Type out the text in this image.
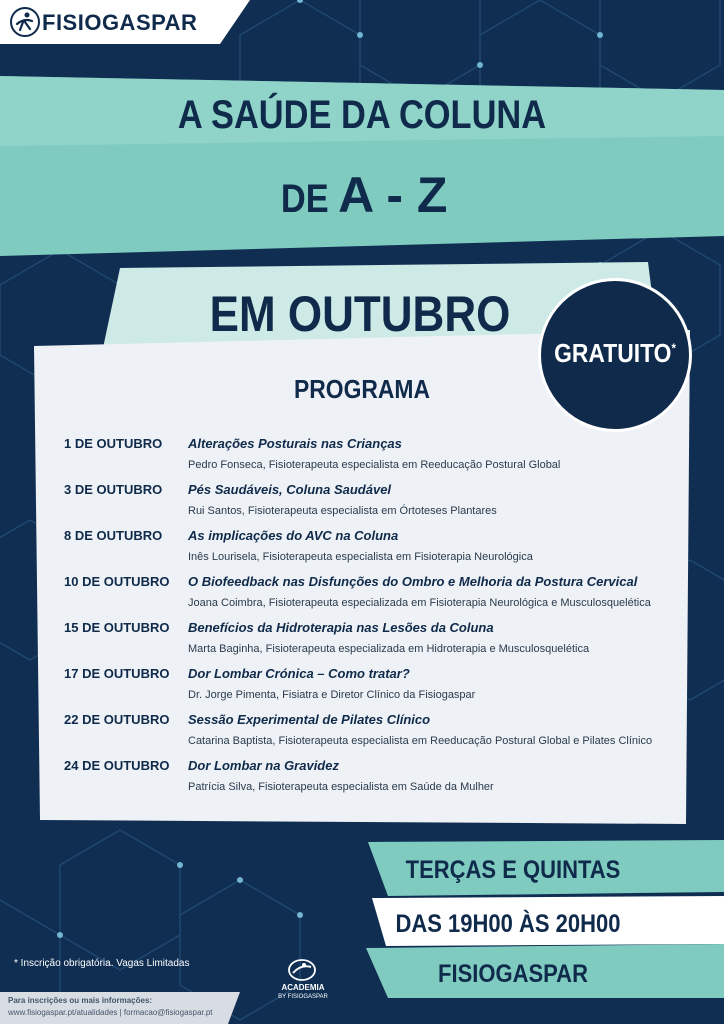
FISIOGASPAR
A SAÚDE DA COLUNA
DE A - Z
EM OUTUBRO
GRATUITO*
PROGRAMA
1 DE OUTUBRO Alterações Posturais nas Crianças
Pedro Fonseca, Fisioterapeuta especialista em Reeducação Postural Global
3 DE OUTUBRO Pés Saudáveis, Coluna Saudável
Rui Santos, Fisioterapeuta especialista em Órtoteses Plantares
8 DE OUTUBRO As implicações do AVC na Coluna
Inês Lourisela, Fisioterapeuta especialista em Fisioterapia Neurológica
10 DE OUTUBRO O Biofeedback nas Disfunções do Ombro e Melhoria da Postura Cervical
Joana Coimbra, Fisioterapeuta especializada em Fisioterapia Neurológica e Musculosquelética
15 DE OUTUBRO Benefícios da Hidroterapia nas Lesões da Coluna
Marta Baginha, Fisioterapeuta especializada em Hidroterapia e Musculosquelética
17 DE OUTUBRO Dor Lombar Crónica – Como tratar?
Dr. Jorge Pimenta, Fisiatra e Diretor Clínico da Fisiogaspar
22 DE OUTUBRO Sessão Experimental de Pilates Clínico
Catarina Baptista, Fisioterapeuta especialista em Reeducação Postural Global e Pilates Clínico
24 DE OUTUBRO Dor Lombar na Gravidez
Patrícia Silva, Fisioterapeuta especialista em Saúde da Mulher
TERÇAS E QUINTAS
DAS 19H00 ÀS 20H00
FISIOGASPAR
* Inscrição obrigatória. Vagas Limitadas
ACADEMIA
BY FISIOGASPAR
Para inscrições ou mais informações:
www.fisiogaspar.pt/atualidades | formacao@fisiogaspar.pt
